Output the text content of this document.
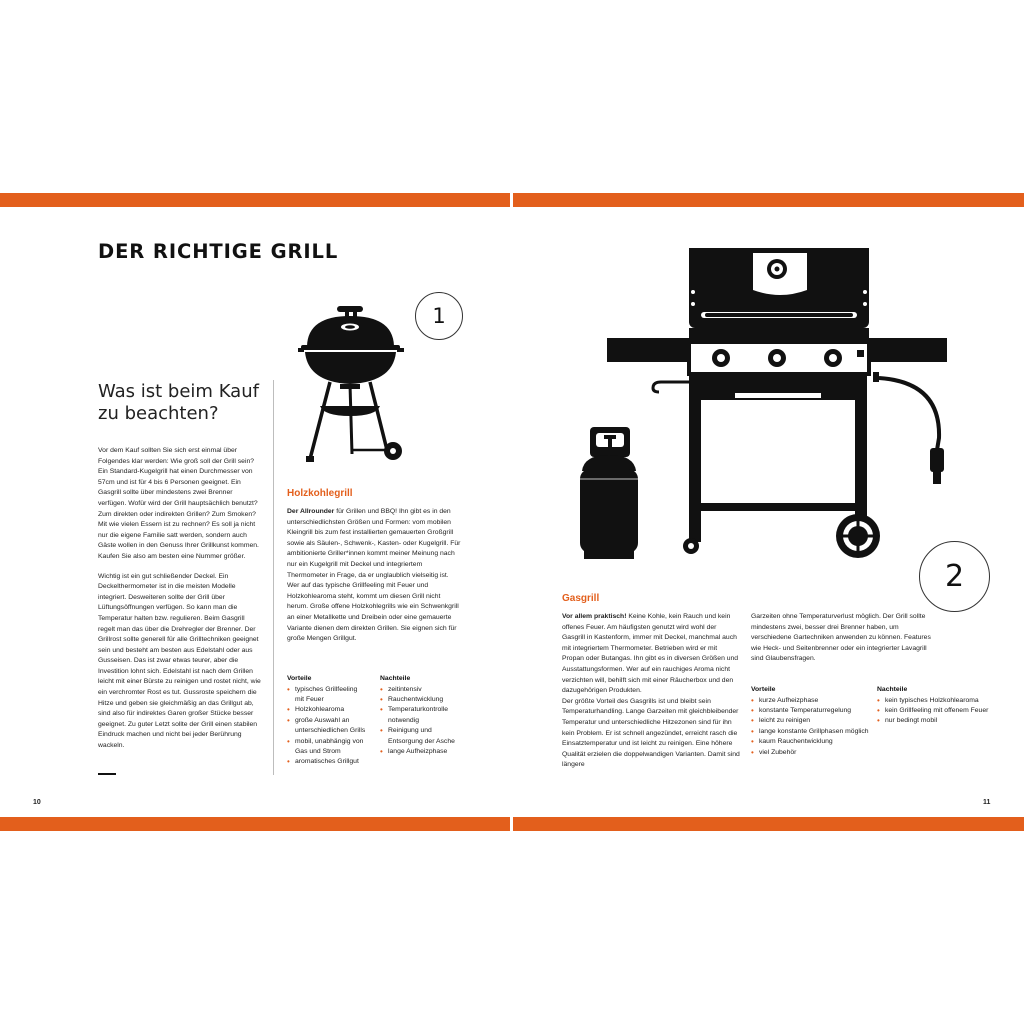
DER RICHTIGE GRILL
Was ist beim Kauf
zu beachten?

Vor dem Kauf sollten Sie sich erst einmal über Folgendes klar werden: Wie groß soll der Grill sein? Ein Standard-Kugelgrill hat einen Durchmesser von 57cm und ist für 4 bis 6 Personen geeignet. Ein Gasgrill sollte über mindestens zwei Brenner verfügen. Wofür wird der Grill hauptsächlich benutzt? Zum direkten oder indirekten Grillen? Zum Smoken? Mit wie vielen Essern ist zu rechnen? Es soll ja nicht nur die eigene Familie satt werden, sondern auch Gäste wollen in den Genuss Ihrer Grillkunst kommen. Kaufen Sie also am besten eine Nummer größer.

Wichtig ist ein gut schließender Deckel. Ein Deckelthermometer ist in die meisten Modelle integriert. Desweiteren sollte der Grill über Lüftungsöffnungen verfügen. So kann man die Temperatur halten bzw. regulieren. Beim Gasgrill regelt man das über die Drehregler der Brenner. Der Grillrost sollte generell für alle Grilltechniken geeignet sein und besteht am besten aus Edelstahl oder aus Gusseisen. Das ist zwar etwas teurer, aber die Investition lohnt sich. Edelstahl ist nach dem Grillen leicht mit einer Bürste zu reinigen und rostet nicht, wie ein verchromter Rost es tut. Gussroste speichern die Hitze und geben sie gleichmäßig an das Grillgut ab, sind also für indirektes Garen großer Stücke besser geeignet. Zu guter Letzt sollte der Grill einen stabilen Eindruck machen und nicht bei jeder Berührung wackeln.

1
Holzkohlegrill

Der Allrounder für Grillen und BBQ! Ihn gibt es in den unterschiedlichsten Größen und Formen: vom mobilen Kleingrill bis zum fest installierten gemauerten Großgrill sowie als Säulen-, Schwenk-, Kasten- oder Kugelgrill. Für ambitionierte Griller*innen kommt meiner Meinung nach nur ein Kugelgrill mit Deckel und integriertem Thermometer in Frage, da er unglaublich vielseitig ist. Wer auf das typische Grillfeeling mit Feuer und Holzkohlearoma steht, kommt um diesen Grill nicht herum. Große offene Holzkohlegrills wie ein Schwenkgrill an einer Metallkette und Dreibein oder eine gemauerte Variante dienen dem direkten Grillen. Sie eignen sich für große Mengen Grillgut.

Vorteile
• typisches Grillfeeling mit Feuer
• Holzkohlearoma
• große Auswahl an unterschiedlichen Grills
• mobil, unabhängig von Gas und Strom
• aromatisches Grillgut
Nachteile
• zeitintensiv
• Rauchentwicklung
• Temperaturkontrolle notwendig
• Reinigung und Entsorgung der Asche
• lange Aufheizphase
10
2
Gasgrill

Vor allem praktisch! Keine Kohle, kein Rauch und kein offenes Feuer. Am häufigsten genutzt wird wohl der Gasgrill in Kastenform, immer mit Deckel, manchmal auch mit integriertem Thermometer. Betrieben wird er mit Propan oder Butangas. Ihn gibt es in diversen Größen und Ausstattungsformen. Wer auf ein rauchiges Aroma nicht verzichten will, behilft sich mit einer Räucherbox und den dazugehörigen Produkten.

Der größte Vorteil des Gasgrills ist und bleibt sein Temperaturhandling. Lange Garzeiten mit gleichbleibender Temperatur und unterschiedliche Hitzezonen sind für ihn kein Problem. Er ist schnell angezündet, erreicht rasch die Einsatztemperatur und ist leicht zu reinigen. Eine höhere Qualität erzielen die doppelwandigen Varianten. Damit sind längere

Garzeiten ohne Temperaturverlust möglich. Der Grill sollte mindestens zwei, besser drei Brenner haben, um verschiedene Gartechniken anwenden zu können. Features wie Heck- und Seitenbrenner oder ein integrierter Lavagrill sind Glaubensfragen.

Vorteile
• kurze Aufheizphase
• konstante Temperaturregelung
• leicht zu reinigen
• lange konstante Grillphasen möglich
• kaum Rauchentwicklung
• viel Zubehör
Nachteile
• kein typisches Holzkohlearoma
• kein Grillfeeling mit offenem Feuer
• nur bedingt mobil
11
